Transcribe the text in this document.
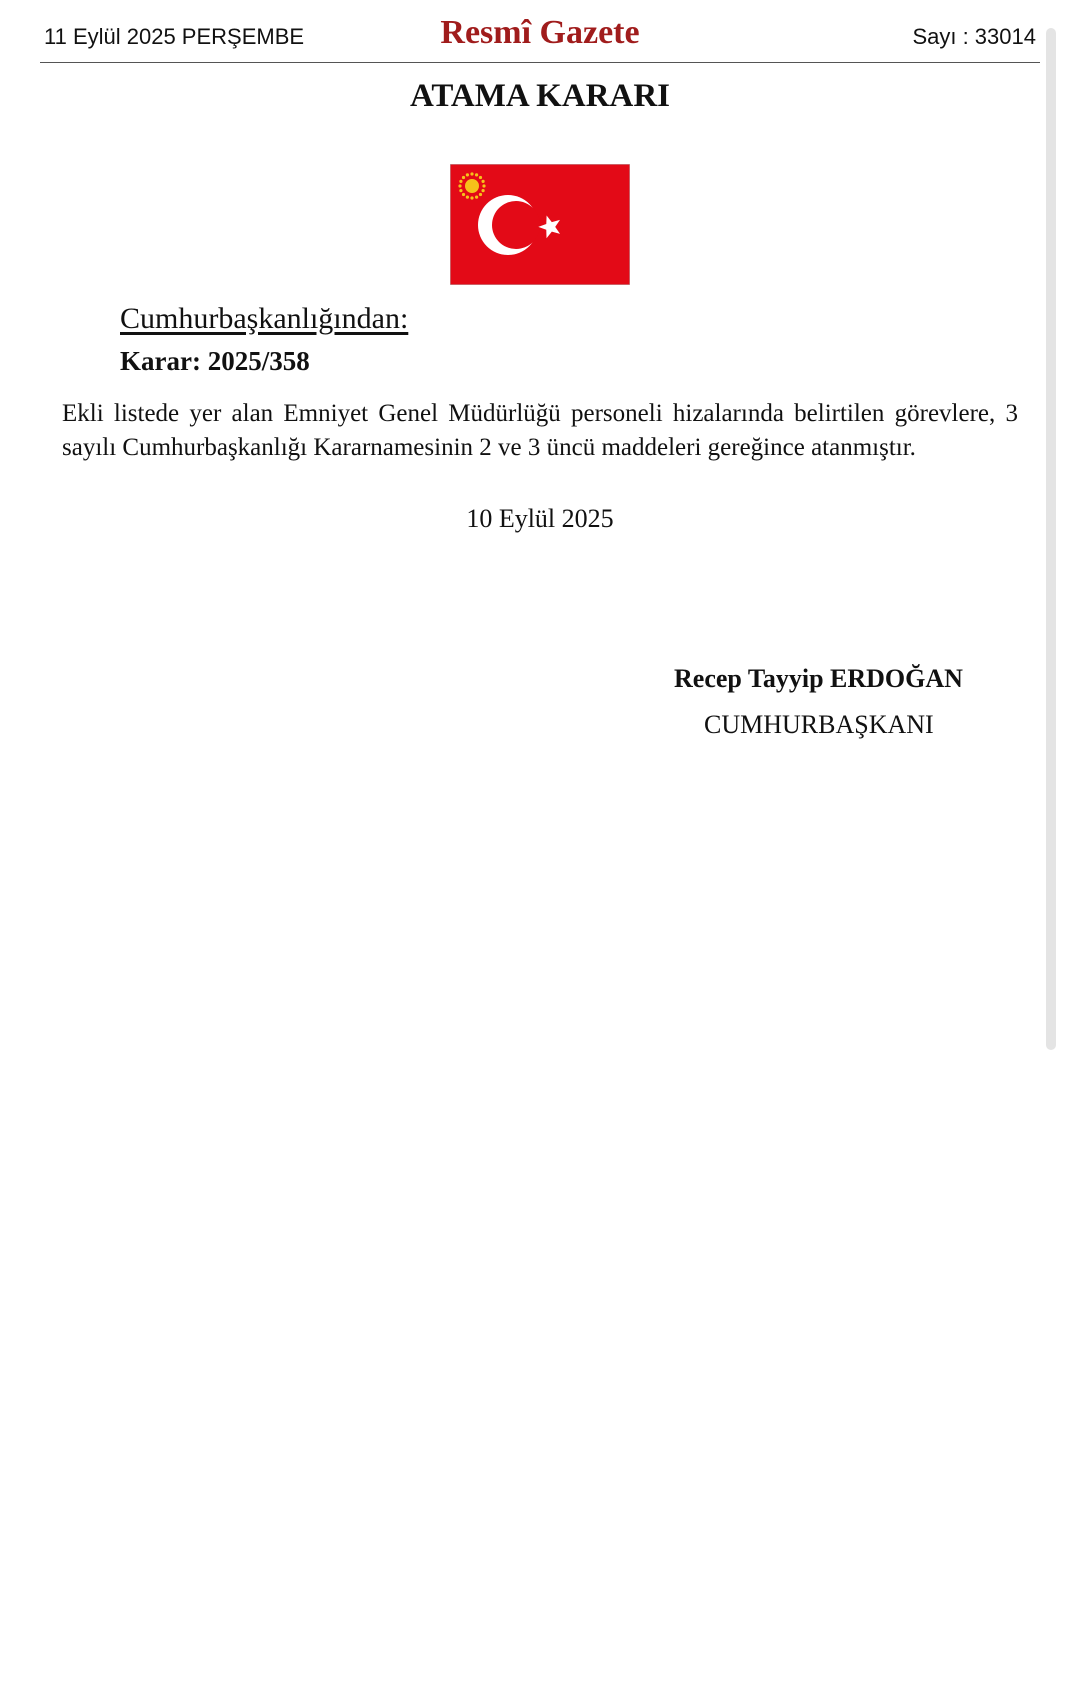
11 Eylül 2025 PERŞEMBE	Resmî Gazete	Sayı : 33014
ATAMA KARARI
Cumhurbaşkanlığından:
Karar: 2025/358
Ekli listede yer alan Emniyet Genel Müdürlüğü personeli hizalarında belirtilen görevlere, 3 sayılı Cumhurbaşkanlığı Kararnamesinin 2 ve 3 üncü maddeleri gereğince atanmıştır.
10 Eylül 2025
Recep Tayyip ERDOĞAN
CUMHURBAŞKANI
